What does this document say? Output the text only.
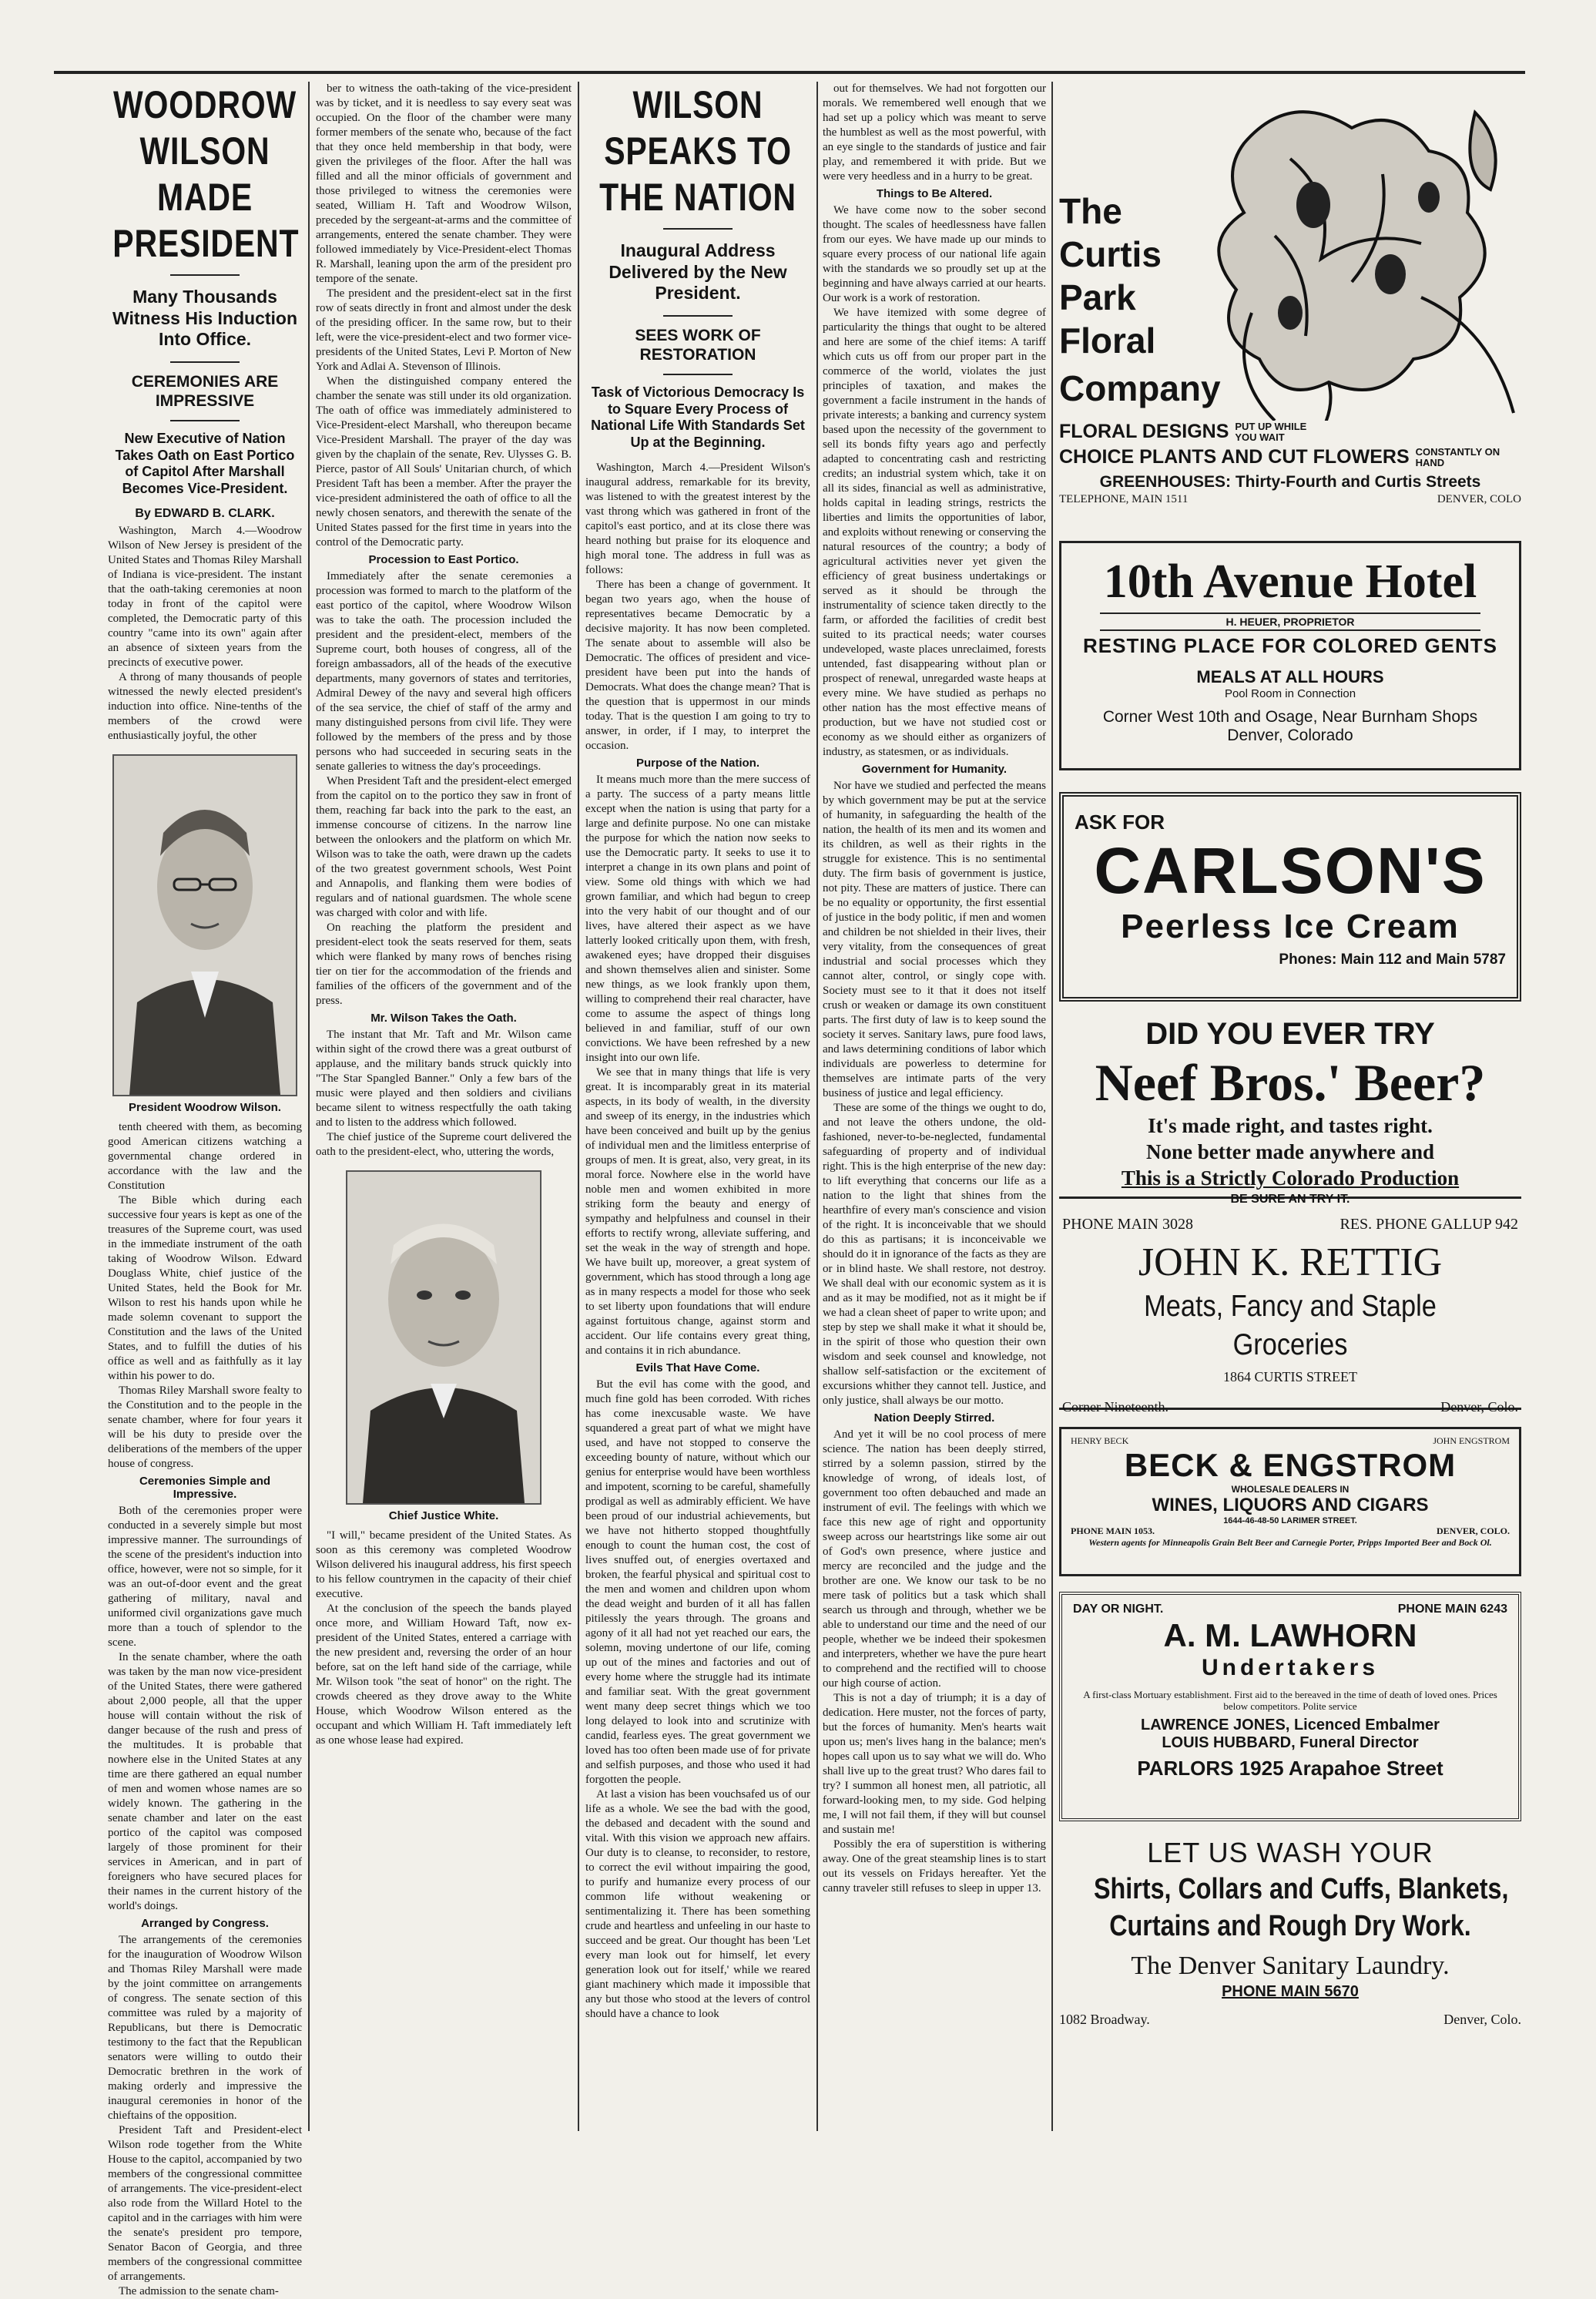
WOODROW WILSON MADE PRESIDENT
Many Thousands Witness His Induction Into Office.
CEREMONIES ARE IMPRESSIVE
New Executive of Nation Takes Oath on East Portico of Capitol After Marshall Becomes Vice-President.
By EDWARD B. CLARK.

Washington, March 4.—Woodrow Wilson of New Jersey is president of the United States and Thomas Riley Marshall of Indiana is vice-president. The instant that the oath-taking ceremonies at noon today in front of the capitol were completed, the Democratic party of this country "came into its own" again after an absence of sixteen years from the precincts of executive power.

A throng of many thousands of people witnessed the newly elected president's induction into office. Nine-tenths of the members of the crowd were enthusiastically joyful, the other

President Woodrow Wilson.

tenth cheered with them, as becoming good American citizens watching a governmental change ordered in accordance with the law and the Constitution

The Bible which during each successive four years is kept as one of the treasures of the Supreme court, was used in the immediate instrument of the oath taking of Woodrow Wilson. Edward Douglass White, chief justice of the United States, held the Book for Mr. Wilson to rest his hands upon while he made solemn covenant to support the Constitution and the laws of the United States, and to fulfill the duties of his office as well and as faithfully as it lay within his power to do.

Thomas Riley Marshall swore fealty to the Constitution and to the people in the senate chamber, where for four years it will be his duty to preside over the deliberations of the members of the upper house of congress.

Ceremonies Simple and Impressive.

Both of the ceremonies proper were conducted in a severely simple but most impressive manner. The surroundings of the scene of the president's induction into office, however, were not so simple, for it was an out-of-door event and the great gathering of military, naval and uniformed civil organizations gave much more than a touch of splendor to the scene.

In the senate chamber, where the oath was taken by the man now vice-president of the United States, there were gathered about 2,000 people, all that the upper house will contain without the risk of danger because of the rush and press of the multitudes. It is probable that nowhere else in the United States at any time are there gathered an equal number of men and women whose names are so widely known. The gathering in the senate chamber and later on the east portico of the capitol was composed largely of those prominent for their services in American, and in part of foreigners who have secured places for their names in the current history of the world's doings.

Arranged by Congress.

The arrangements of the ceremonies for the inauguration of Woodrow Wilson and Thomas Riley Marshall were made by the joint committee on arrangements of congress. The senate section of this committee was ruled by a majority of Republicans, but there is Democratic testimony to the fact that the Republican senators were willing to outdo their Democratic brethren in the work of making orderly and impressive the inaugural ceremonies in honor of the chieftains of the opposition.

President Taft and President-elect Wilson rode together from the White House to the capitol, accompanied by two members of the congressional committee of arrangements. The vice-president-elect also rode from the Willard Hotel to the capitol and in the carriages with him were the senate's president pro tempore, Senator Bacon of Georgia, and three members of the congressional committee of arrangements.

The admission to the senate cham-

ber to witness the oath-taking of the vice-president was by ticket, and it is needless to say every seat was occupied. On the floor of the chamber were many former members of the senate who, because of the fact that they once held membership in that body, were given the privileges of the floor. After the hall was filled and all the minor officials of government and those privileged to witness the ceremonies were seated, William H. Taft and Woodrow Wilson, preceded by the sergeant-at-arms and the committee of arrangements, entered the senate chamber. They were followed immediately by Vice-President-elect Thomas R. Marshall, leaning upon the arm of the president pro tempore of the senate.

The president and the president-elect sat in the first row of seats directly in front and almost under the desk of the presiding officer. In the same row, but to their left, were the vice-president-elect and two former vice-presidents of the United States, Levi P. Morton of New York and Adlai A. Stevenson of Illinois.

When the distinguished company entered the chamber the senate was still under its old organization. The oath of office was immediately administered to Vice-President-elect Marshall, who thereupon became Vice-President Marshall. The prayer of the day was given by the chaplain of the senate, Rev. Ulysses G. B. Pierce, pastor of All Souls' Unitarian church, of which President Taft has been a member. After the prayer the vice-president administered the oath of office to all the newly chosen senators, and therewith the senate of the United States passed for the first time in years into the control of the Democratic party.

Procession to East Portico.

Immediately after the senate ceremonies a procession was formed to march to the platform of the east portico of the capitol, where Woodrow Wilson was to take the oath. The procession included the president and the president-elect, members of the Supreme court, both houses of congress, all of the foreign ambassadors, all of the heads of the executive departments, many governors of states and territories, Admiral Dewey of the navy and several high officers of the sea service, the chief of staff of the army and many distinguished persons from civil life. They were followed by the members of the press and by those persons who had succeeded in securing seats in the senate galleries to witness the day's proceedings.

When President Taft and the president-elect emerged from the capitol on to the portico they saw in front of them, reaching far back into the park to the east, an immense concourse of citizens. In the narrow line between the onlookers and the platform on which Mr. Wilson was to take the oath, were drawn up the cadets of the two greatest government schools, West Point and Annapolis, and flanking them were bodies of regulars and of national guardsmen. The whole scene was charged with color and with life.

On reaching the platform the president and president-elect took the seats reserved for them, seats which were flanked by many rows of benches rising tier on tier for the accommodation of the friends and families of the officers of the government and of the press.

Mr. Wilson Takes the Oath.

The instant that Mr. Taft and Mr. Wilson came within sight of the crowd there was a great outburst of applause, and the military bands struck quickly into "The Star Spangled Banner." Only a few bars of the music were played and then soldiers and civilians became silent to witness respectfully the oath taking and to listen to the address which followed.

The chief justice of the Supreme court delivered the oath to the president-elect, who, uttering the words,

Chief Justice White.

"I will," became president of the United States. As soon as this ceremony was completed Woodrow Wilson delivered his inaugural address, his first speech to his fellow countrymen in the capacity of their chief executive.

At the conclusion of the speech the bands played once more, and William Howard Taft, now ex-president of the United States, entered a carriage with the new president and, reversing the order of an hour before, sat on the left hand side of the carriage, while Mr. Wilson took "the seat of honor" on the right. The crowds cheered as they drove away to the White House, which Woodrow Wilson entered as the occupant and which William H. Taft immediately left as one whose lease had expired.

WILSON SPEAKS TO THE NATION
Inaugural Address Delivered by the New President.
SEES WORK OF RESTORATION
Task of Victorious Democracy Is to Square Every Process of National Life With Standards Set Up at the Beginning.

Washington, March 4.—President Wilson's inaugural address, remarkable for its brevity, was listened to with the greatest interest by the vast throng which was gathered in front of the capitol's east portico, and at its close there was heard nothing but praise for its eloquence and high moral tone. The address in full was as follows:

There has been a change of government. It began two years ago, when the house of representatives became Democratic by a decisive majority. It has now been completed. The senate about to assemble will also be Democratic. The offices of president and vice-president have been put into the hands of Democrats. What does the change mean? That is the question that is uppermost in our minds today. That is the question I am going to try to answer, in order, if I may, to interpret the occasion.

Purpose of the Nation.

It means much more than the mere success of a party. The success of a party means little except when the nation is using that party for a large and definite purpose. No one can mistake the purpose for which the nation now seeks to use the Democratic party. It seeks to use it to interpret a change in its own plans and point of view. Some old things with which we had grown familiar, and which had begun to creep into the very habit of our thought and of our lives, have altered their aspect as we have latterly looked critically upon them, with fresh, awakened eyes; have dropped their disguises and shown themselves alien and sinister. Some new things, as we look frankly upon them, willing to comprehend their real character, have come to assume the aspect of things long believed in and familiar, stuff of our own convictions. We have been refreshed by a new insight into our own life.

We see that in many things that life is very great. It is incomparably great in its material aspects, in its body of wealth, in the diversity and sweep of its energy, in the industries which have been conceived and built up by the genius of individual men and the limitless enterprise of groups of men. It is great, also, very great, in its moral force. Nowhere else in the world have noble men and women exhibited in more striking form the beauty and energy of sympathy and helpfulness and counsel in their efforts to rectify wrong, alleviate suffering, and set the weak in the way of strength and hope. We have built up, moreover, a great system of government, which has stood through a long age as in many respects a model for those who seek to set liberty upon foundations that will endure against fortuitous change, against storm and accident. Our life contains every great thing, and contains it in rich abundance.

Evils That Have Come.

But the evil has come with the good, and much fine gold has been corroded. With riches has come inexcusable waste. We have squandered a great part of what we might have used, and have not stopped to conserve the exceeding bounty of nature, without which our genius for enterprise would have been worthless and impotent, scorning to be careful, shamefully prodigal as well as admirably efficient. We have been proud of our industrial achievements, but we have not hitherto stopped thoughtfully enough to count the human cost, the cost of lives snuffed out, of energies overtaxed and broken, the fearful physical and spiritual cost to the men and women and children upon whom the dead weight and burden of it all has fallen pitilessly the years through. The groans and agony of it all had not yet reached our ears, the solemn, moving undertone of our life, coming up out of the mines and factories and out of every home where the struggle had its intimate and familiar seat. With the great government went many deep secret things which we too long delayed to look into and scrutinize with candid, fearless eyes. The great government we loved has too often been made use of for private and selfish purposes, and those who used it had forgotten the people.

At last a vision has been vouchsafed us of our life as a whole. We see the bad with the good, the debased and decadent with the sound and vital. With this vision we approach new affairs. Our duty is to cleanse, to reconsider, to restore, to correct the evil without impairing the good, to purify and humanize every process of our common life without weakening or sentimentalizing it. There has been something crude and heartless and unfeeling in our haste to succeed and be great. Our thought has been 'Let every man look out for himself, let every generation look out for itself,' while we reared giant machinery which made it impossible that any but those who stood at the levers of control should have a chance to look

out for themselves. We had not forgotten our morals. We remembered well enough that we had set up a policy which was meant to serve the humblest as well as the most powerful, with an eye single to the standards of justice and fair play, and remembered it with pride. But we were very heedless and in a hurry to be great.

Things to Be Altered.

We have come now to the sober second thought. The scales of heedlessness have fallen from our eyes. We have made up our minds to square every process of our national life again with the standards we so proudly set up at the beginning and have always carried at our hearts. Our work is a work of restoration.

We have itemized with some degree of particularity the things that ought to be altered and here are some of the chief items: A tariff which cuts us off from our proper part in the commerce of the world, violates the just principles of taxation, and makes the government a facile instrument in the hands of private interests; a banking and currency system based upon the necessity of the government to sell its bonds fifty years ago and perfectly adapted to concentrating cash and restricting credits; an industrial system which, take it on all its sides, financial as well as administrative, holds capital in leading strings, restricts the liberties and limits the opportunities of labor, and exploits without renewing or conserving the natural resources of the country; a body of agricultural activities never yet given the efficiency of great business undertakings or served as it should be through the instrumentality of science taken directly to the farm, or afforded the facilities of credit best suited to its practical needs; water courses undeveloped, waste places unreclaimed, forests untended, fast disappearing without plan or prospect of renewal, unregarded waste heaps at every mine. We have studied as perhaps no other nation has the most effective means of production, but we have not studied cost or economy as we should either as organizers of industry, as statesmen, or as individuals.

Government for Humanity.

Nor have we studied and perfected the means by which government may be put at the service of humanity, in safeguarding the health of the nation, the health of its men and its women and its children, as well as their rights in the struggle for existence. This is no sentimental duty. The firm basis of government is justice, not pity. These are matters of justice. There can be no equality or opportunity, the first essential of justice in the body politic, if men and women and children be not shielded in their lives, their very vitality, from the consequences of great industrial and social processes which they cannot alter, control, or singly cope with. Society must see to it that it does not itself crush or weaken or damage its own constituent parts. The first duty of law is to keep sound the society it serves. Sanitary laws, pure food laws, and laws determining conditions of labor which individuals are powerless to determine for themselves are intimate parts of the very business of justice and legal efficiency.

These are some of the things we ought to do, and not leave the others undone, the old-fashioned, never-to-be-neglected, fundamental safeguarding of property and of individual right. This is the high enterprise of the new day: to lift everything that concerns our life as a nation to the light that shines from the hearthfire of every man's conscience and vision of the right. It is inconceivable that we should do this as partisans; it is inconceivable we should do it in ignorance of the facts as they are or in blind haste. We shall restore, not destroy. We shall deal with our economic system as it is and as it may be modified, not as it might be if we had a clean sheet of paper to write upon; and step by step we shall make it what it should be, in the spirit of those who question their own wisdom and seek counsel and knowledge, not shallow self-satisfaction or the excitement of excursions whither they cannot tell. Justice, and only justice, shall always be our motto.

Nation Deeply Stirred.

And yet it will be no cool process of mere science. The nation has been deeply stirred, stirred by a solemn passion, stirred by the knowledge of wrong, of ideals lost, of government too often debauched and made an instrument of evil. The feelings with which we face this new age of right and opportunity sweep across our heartstrings like some air out of God's own presence, where justice and mercy are reconciled and the judge and the brother are one. We know our task to be no mere task of politics but a task which shall search us through and through, whether we be able to understand our time and the need of our people, whether we be indeed their spokesmen and interpreters, whether we have the pure heart to comprehend and the rectified will to choose our high course of action.

This is not a day of triumph; it is a day of dedication. Here muster, not the forces of party, but the forces of humanity. Men's hearts wait upon us; men's lives hang in the balance; men's hopes call upon us to say what we will do. Who shall live up to the great trust? Who dares fail to try? I summon all honest men, all patriotic, all forward-looking men, to my side. God helping me, I will not fail them, if they will but counsel and sustain me!

Possibly the era of superstition is withering away. One of the great steamship lines is to start out its vessels on Fridays hereafter. Yet the canny traveler still refuses to sleep in upper 13.

The
Curtis
Park
Floral
Company
FLORAL DESIGNS PUT UP WHILE YOU WAIT
CHOICE PLANTS AND CUT FLOWERS CONSTANTLY ON HAND
GREENHOUSES: Thirty-Fourth and Curtis Streets
TELEPHONE, MAIN 1511	DENVER, COLO
10th Avenue Hotel
H. HEUER, PROPRIETOR
RESTING PLACE FOR COLORED GENTS
MEALS AT ALL HOURS
Pool Room in Connection
Corner West 10th and Osage, Near Burnham Shops
Denver, Colorado
ASK FOR
CARLSON'S
Peerless Ice Cream
Phones: Main 112 and Main 5787
DID YOU EVER TRY
Neef Bros.' Beer?
It's made right, and tastes right.
None better made anywhere and
This is a Strictly Colorado Production
BE SURE AN TRY IT.
PHONE MAIN 3028	RES. PHONE GALLUP 942
JOHN K. RETTIG
Meats, Fancy and Staple Groceries
1864 CURTIS STREET
Corner Nineteenth.	Denver, Colo.
HENRY BECK	JOHN ENGSTROM
BECK & ENGSTROM
WHOLESALE DEALERS IN
WINES, LIQUORS AND CIGARS
1644-46-48-50 LARIMER STREET.
PHONE MAIN 1053.	DENVER, COLO.
Western agents for Minneapolis Grain Belt Beer and Carnegie Porter, Pripps Imported Beer and Bock Ol.
DAY OR NIGHT.	PHONE MAIN 6243
A. M. LAWHORN
Undertakers
A first-class Mortuary establishment. First aid to the bereaved in the time of death of loved ones. Prices below competitors. Polite service
LAWRENCE JONES, Licenced Embalmer
LOUIS HUBBARD, Funeral Director
PARLORS 1925 Arapahoe Street
LET US WASH YOUR
Shirts, Collars and Cuffs, Blankets,
Curtains and Rough Dry Work.
The Denver Sanitary Laundry.
PHONE MAIN 5670
1082 Broadway.	Denver, Colo.
